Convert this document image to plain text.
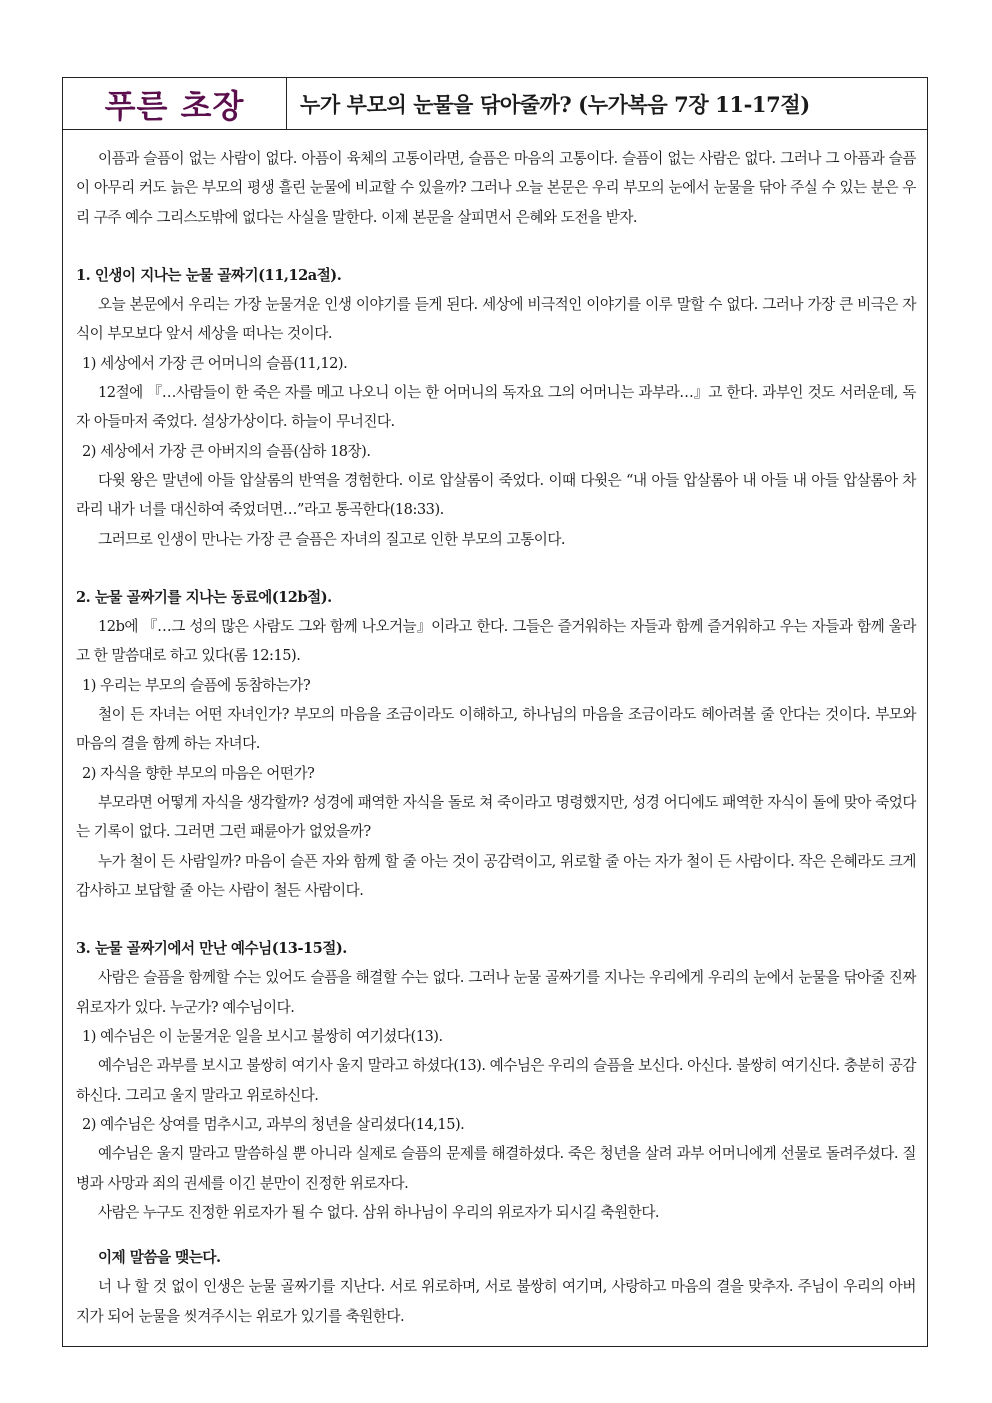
푸른 초장	누가 부모의 눈물을 닦아줄까? (누가복음 7장 11-17절)

이픔과 슬픔이 없는 사람이 없다. 아픔이 육체의 고통이라면, 슬픔은 마음의 고통이다. 슬픔이 없는 사람은 없다. 그러나 그 아픔과 슬픔이 아무리 커도 늙은 부모의 평생 흘린 눈물에 비교할 수 있을까? 그러나 오늘 본문은 우리 부모의 눈에서 눈물을 닦아 주실 수 있는 분은 우리 구주 예수 그리스도밖에 없다는 사실을 말한다. 이제 본문을 살피면서 은혜와 도전을 받자.

1. 인생이 지나는 눈물 골짜기(11,12a절).

오늘 본문에서 우리는 가장 눈물겨운 인생 이야기를 듣게 된다. 세상에 비극적인 이야기를 이루 말할 수 없다. 그러나 가장 큰 비극은 자식이 부모보다 앞서 세상을 떠나는 것이다.

1) 세상에서 가장 큰 어머니의 슬픔(11,12).

12절에 『…사람들이 한 죽은 자를 메고 나오니 이는 한 어머니의 독자요 그의 어머니는 과부라…』고 한다. 과부인 것도 서러운데, 독자 아들마저 죽었다. 설상가상이다. 하늘이 무너진다.

2) 세상에서 가장 큰 아버지의 슬픔(삼하 18장).

다윗 왕은 말년에 아들 압살롬의 반역을 경험한다. 이로 압살롬이 죽었다. 이때 다윗은 “내 아들 압살롬아 내 아들 내 아들 압살롬아 차라리 내가 너를 대신하여 죽었더면…”라고 통곡한다(18:33).

그러므로 인생이 만나는 가장 큰 슬픔은 자녀의 질고로 인한 부모의 고통이다.

2. 눈물 골짜기를 지나는 동료에(12b절).

12b에 『…그 성의 많은 사람도 그와 함께 나오거늘』이라고 한다. 그들은 즐거워하는 자들과 함께 즐거워하고 우는 자들과 함께 울라고 한 말씀대로 하고 있다(롬 12:15).

1) 우리는 부모의 슬픔에 동참하는가?

철이 든 자녀는 어떤 자녀인가? 부모의 마음을 조금이라도 이해하고, 하나님의 마음을 조금이라도 헤아려볼 줄 안다는 것이다. 부모와 마음의 결을 함께 하는 자녀다.

2) 자식을 향한 부모의 마음은 어떤가?

부모라면 어떻게 자식을 생각할까? 성경에 패역한 자식을 돌로 쳐 죽이라고 명령했지만, 성경 어디에도 패역한 자식이 돌에 맞아 죽었다는 기록이 없다. 그러면 그런 패륜아가 없었을까?

누가 철이 든 사람일까? 마음이 슬픈 자와 함께 할 줄 아는 것이 공감력이고, 위로할 줄 아는 자가 철이 든 사람이다. 작은 은혜라도 크게 감사하고 보답할 줄 아는 사람이 철든 사람이다.

3. 눈물 골짜기에서 만난 예수님(13-15절).

사람은 슬픔을 함께할 수는 있어도 슬픔을 해결할 수는 없다. 그러나 눈물 골짜기를 지나는 우리에게 우리의 눈에서 눈물을 닦아줄 진짜 위로자가 있다. 누군가? 예수님이다.

1) 예수님은 이 눈물겨운 일을 보시고 불쌍히 여기셨다(13).

예수님은 과부를 보시고 불쌍히 여기사 울지 말라고 하셨다(13). 예수님은 우리의 슬픔을 보신다. 아신다. 불쌍히 여기신다. 충분히 공감하신다. 그리고 울지 말라고 위로하신다.

2) 예수님은 상여를 멈추시고, 과부의 청년을 살리셨다(14,15).

예수님은 울지 말라고 말씀하실 뿐 아니라 실제로 슬픔의 문제를 해결하셨다. 죽은 청년을 살려 과부 어머니에게 선물로 돌려주셨다. 질병과 사망과 죄의 권세를 이긴 분만이 진정한 위로자다.

사람은 누구도 진정한 위로자가 될 수 없다. 삼위 하나님이 우리의 위로자가 되시길 축원한다.

이제 말씀을 맺는다.

너 나 할 것 없이 인생은 눈물 골짜기를 지난다. 서로 위로하며, 서로 불쌍히 여기며, 사랑하고 마음의 결을 맞추자. 주님이 우리의 아버지가 되어 눈물을 씻겨주시는 위로가 있기를 축원한다.
